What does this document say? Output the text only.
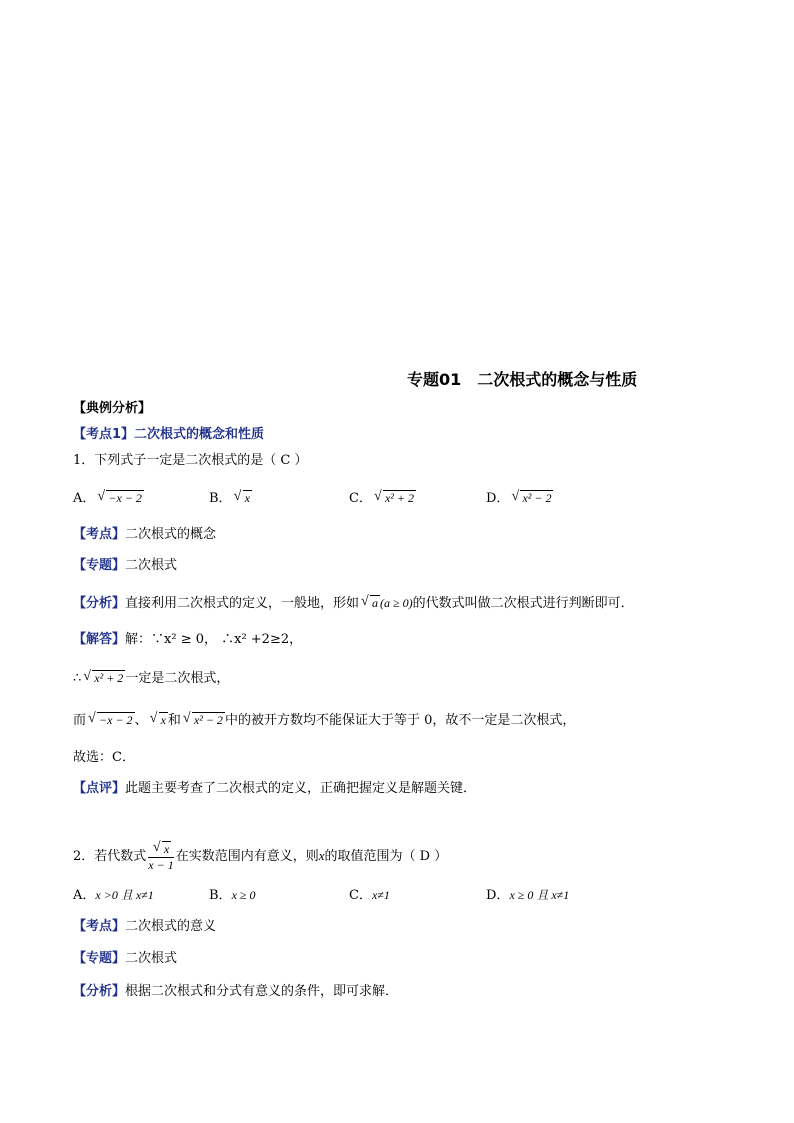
专题01　二次根式的概念与性质
【典例分析】
【考点1】二次根式的概念和性质
1．下列式子一定是二次根式的是（ C ）
A． √ −x − 2	B． √ x	C． √ x² + 2	D． √ x² − 2
【考点】二次根式的概念
【专题】二次根式
【分析】直接利用二次根式的定义，一般地，形如 √ a (a ≥ 0)的代数式叫做二次根式进行判断即可．
【解答】解：∵x² ≥ 0， ∴x² +2≥2，
∴ √ x² + 2 一定是二次根式，
而 √ −x − 2 、 √ x 和 √ x² − 2 中的被开方数均不能保证大于等于 0，故不一定是二次根式，
故选：C．
【点评】此题主要考查了二次根式的定义，正确把握定义是解题关键．
2．若代数式 √ $\frac{x}{x - 1}$ 在实数范围内有意义，则x的取值范围为（ D ）
A．x >0 且 x≠1	B．x ≥ 0	C．x≠1	D．x ≥ 0 且 x≠1
【考点】二次根式的意义
【专题】二次根式
【分析】根据二次根式和分式有意义的条件，即可求解．
